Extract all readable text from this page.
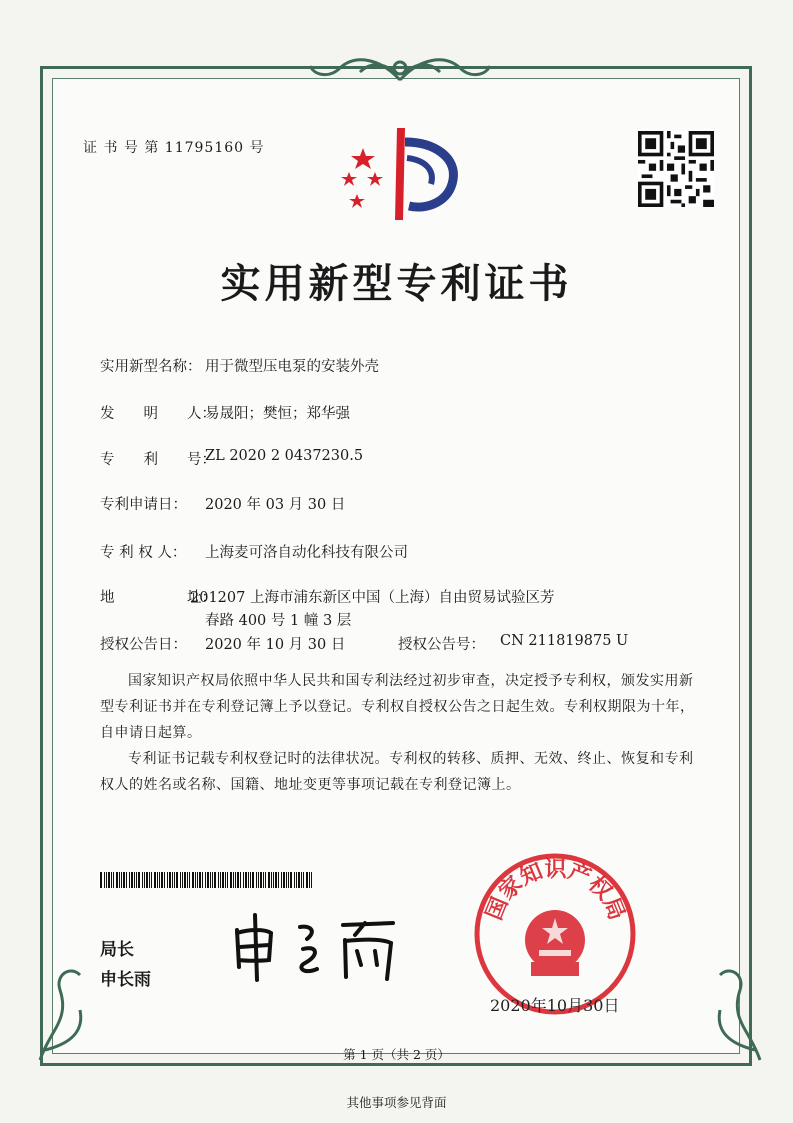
证 书 号 第 11795160 号
实用新型专利证书
实用新型名称： 用于微型压电泵的安装外壳
发　　明　　人：
易晟阳；樊恒；郑华强
专　　利　　号：
ZL 2020 2 0437230.5
专利申请日： 2020 年 03 月 30 日
专 利 权 人： 上海麦可洛自动化科技有限公司
地　　　　　址：
201207 上海市浦东新区中国（上海）自由贸易试验区芳
春路 400 号 1 幢 3 层
授权公告日： 2020 年 10 月 30 日	授权公告号： CN 211819875 U

国家知识产权局依照中华人民共和国专利法经过初步审查，决定授予专利权，颁发实用新型专利证书并在专利登记簿上予以登记。专利权自授权公告之日起生效。专利权期限为十年，自申请日起算。

专利证书记载专利权登记时的法律状况。专利权的转移、质押、无效、终止、恢复和专利权人的姓名或名称、国籍、地址变更等事项记载在专利登记簿上。

局长
申长雨
国家知识产权局
2020年10月30日
第 1 页（共 2 页）
其他事项参见背面
